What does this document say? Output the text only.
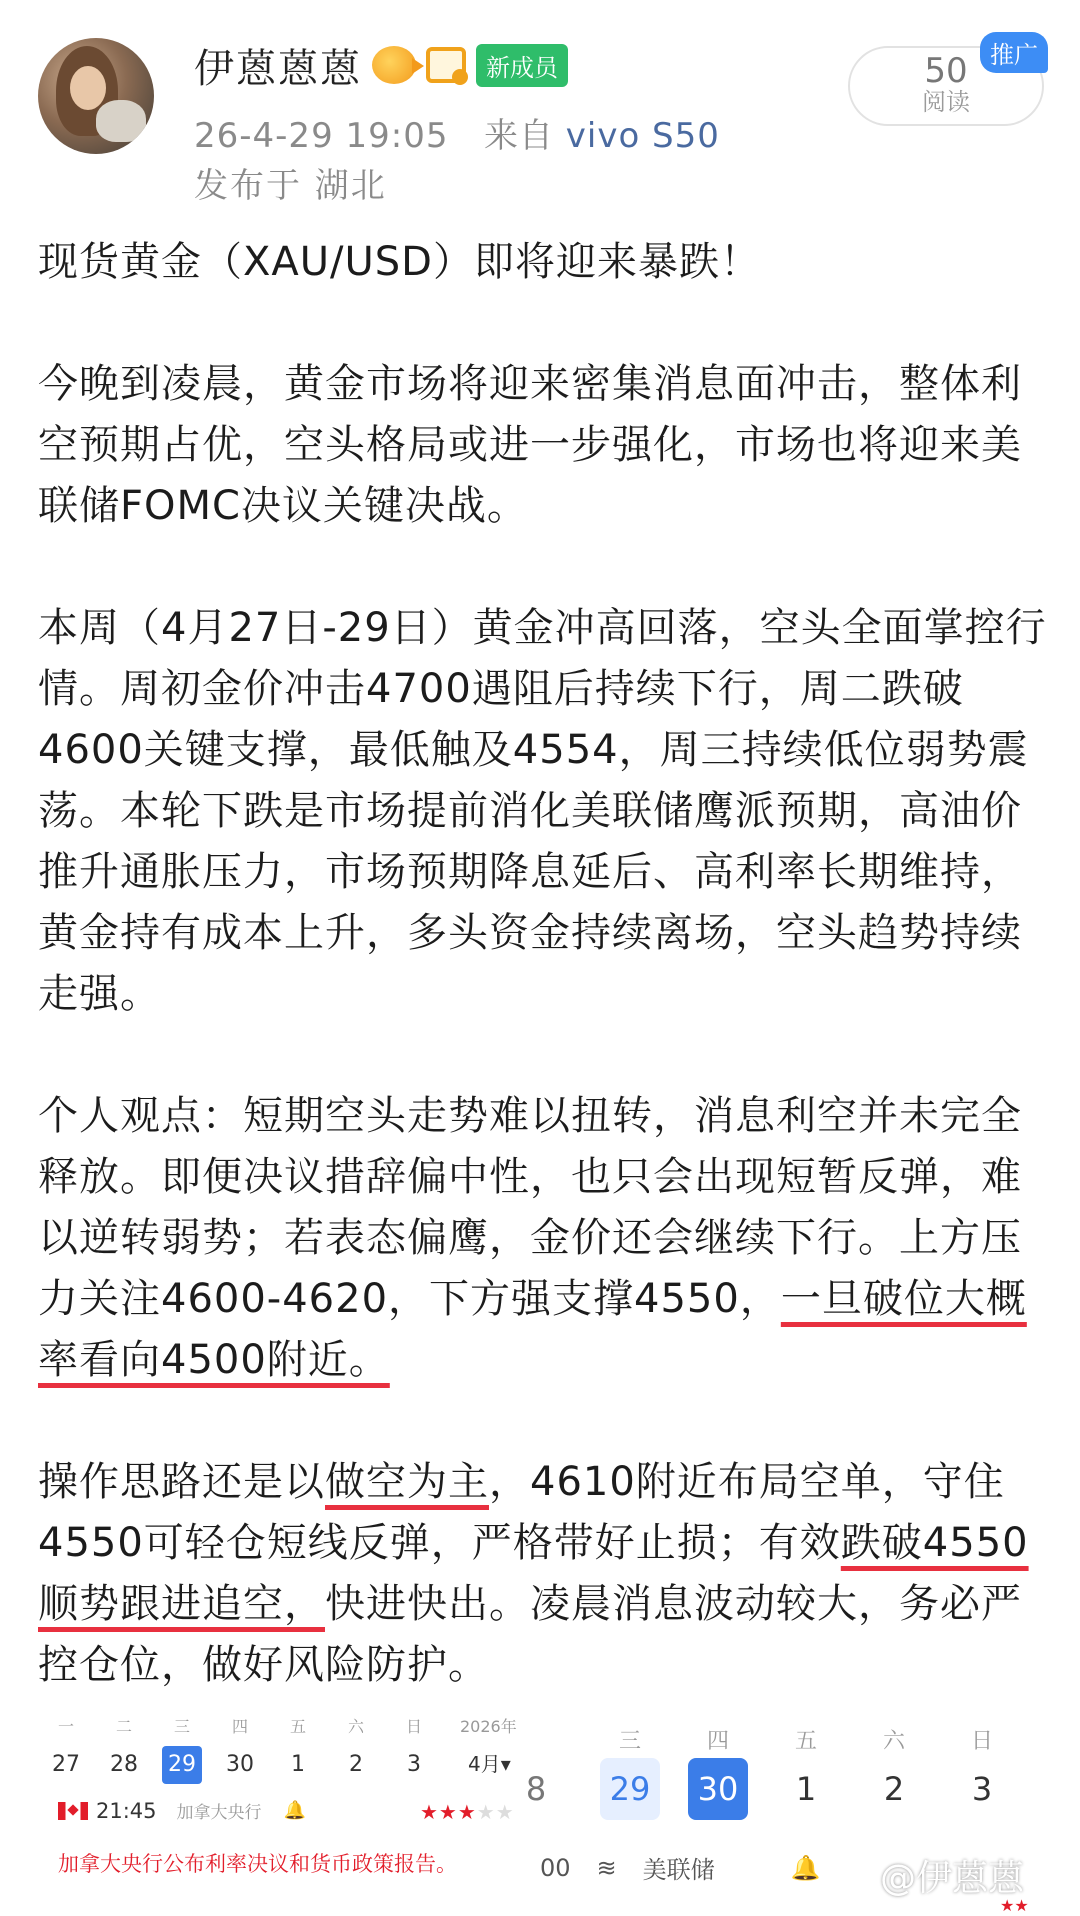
伊蒽蒽蒽	新成员
26-4-29 19:05 来自 vivo S50
发布于 湖北
50
阅读
推广

现货黄金（XAU/USD）即将迎来暴跌！

今晚到凌晨，黄金市场将迎来密集消息面冲击，整体利空预期占优，空头格局或进一步强化，市场也将迎来美联储FOMC决议关键决战。

本周（4月27日-29日）黄金冲高回落，空头全面掌控行情。周初金价冲击4700遇阻后持续下行，周二跌破4600关键支撑，最低触及4554，周三持续低位弱势震荡。本轮下跌是市场提前消化美联储鹰派预期，高油价推升通胀压力，市场预期降息延后、高利率长期维持，黄金持有成本上升，多头资金持续离场，空头趋势持续走强。

个人观点：短期空头走势难以扭转，消息利空并未完全释放。即便决议措辞偏中性，也只会出现短暂反弹，难以逆转弱势；若表态偏鹰，金价还会继续下行。上方压力关注4600-4620，下方强支撑4550，一旦破位大概率看向4500附近。

操作思路还是以做空为主，4610附近布局空单，守住4550可轻仓短线反弹，严格带好止损；有效跌破4550顺势跟进追空，快进快出。凌晨消息波动较大，务必严控仓位，做好风险防护。

一	二	三	四	五	六	日
27 28 29 30	1	2	3
2026年
4月▾
21:45 加拿大央行 🔔	★★★★★
加拿大央行公布利率决议和货币政策报告。
三	四	五	六	日
8	29	30	1	2	3
00 ≋ 美联储	🔔 @伊蒽蒽
★★
